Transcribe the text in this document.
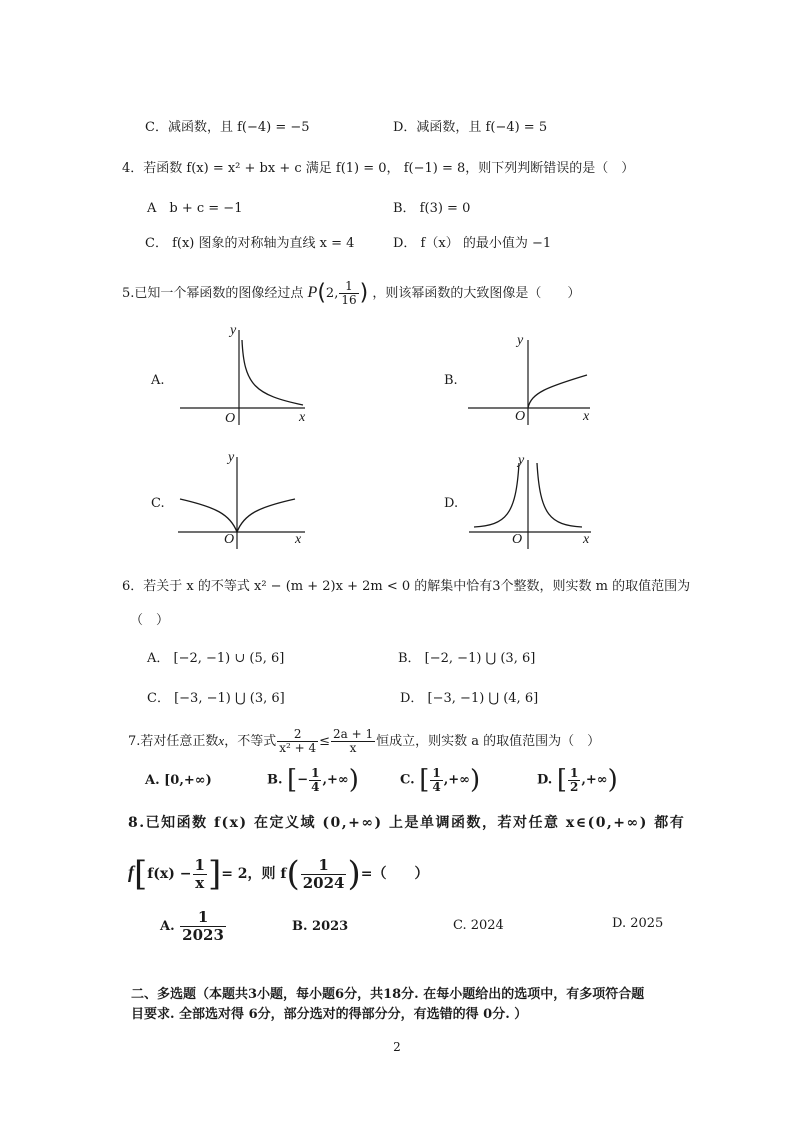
C．减函数，且 f(−4) = −5	D．减函数，且 f(−4) = 5
4．若函数 f(x) = x² + bx + c 满足 f(1) = 0， f(−1) = 8，则下列判断错误的是（　）
A　b + c = −1	B． f(3) = 0
C． f(x) 图象的对称轴为直线 x = 4	D． f（x） 的最小值为 −1
5.已知一个幂函数的图像经过点 P(2, $\frac{1}{16}$ ) ，则该幂函数的大致图像是（　　）
A.
y
x
O
B.
y
x
O
C.
y
x
O
D.
y
x
O
6．若关于 x 的不等式 x² − (m + 2)x + 2m < 0 的解集中恰有3个整数，则实数 m 的取值范围为
（　）
A． [−2, −1) ∪ (5, 6]	B． [−2, −1) ⋃ (3, 6]
C． [−3, −1) ⋃ (3, 6]	D． [−3, −1) ⋃ (4, 6]
7.若对任意正数x，不等式 $\frac{2}{\text{x² + 4}} \le \frac{2a + 1}{x}$ 恒成立，则实数 a 的取值范围为（　）
A. [0,+∞)	B. [− $\frac{1}{4}$ ,+∞)	C. [ $\frac{1}{4}$ ,+∞)	D. [ $\frac{1}{2}$ ,+∞)
8.已知函数 f(x) 在定义域 (0,+∞) 上是单调函数，若对任意 x∈(0,+∞) 都有
$f[f(x) - \frac{1}{x}$ ]= 2，则 $f( \frac{1}{2024}$ )=（　　）
A. $\frac{1}{2023}$	B. 2023	C. 2024	D. 2025
二、多选题（本题共3小题，每小题6分，共18分. 在每小题给出的选项中，有多项符合题
目要求. 全部选对得 6分，部分选对的得部分分，有选错的得 0分. ）
2
